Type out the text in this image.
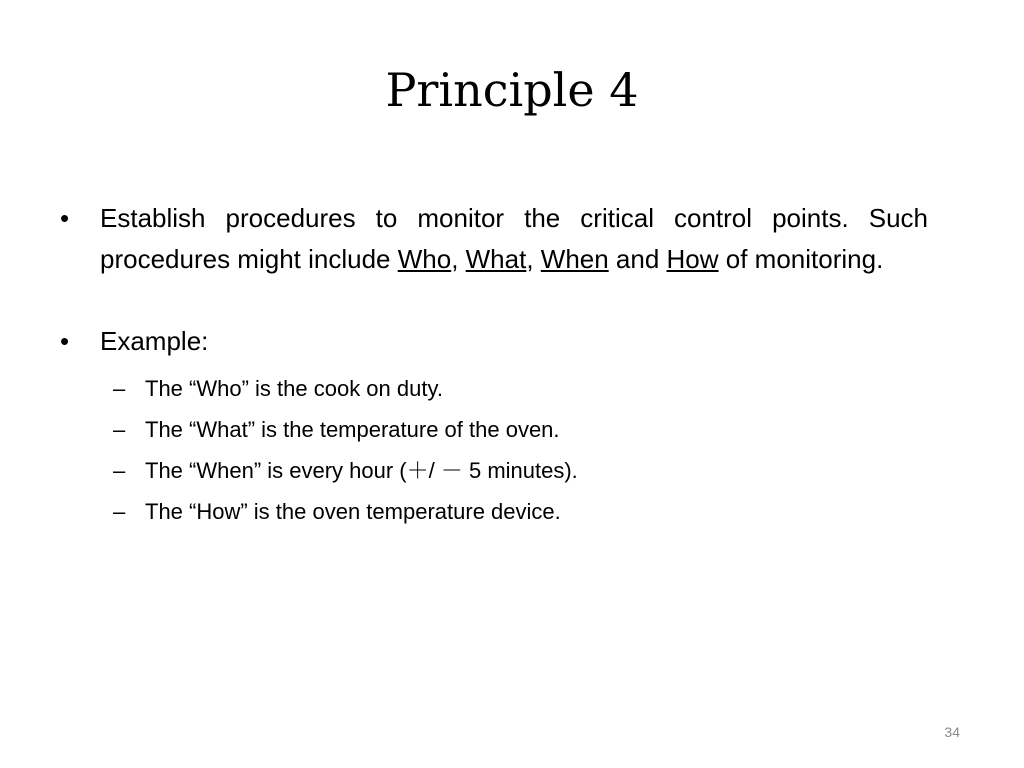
Principle 4
•	Establish procedures to monitor the critical control points. Such procedures might include Who, What, When and How of monitoring.
•	Example:
– The “Who” is the cook on duty.
– The “What” is the temperature of the oven.
– The “When” is every hour (＋/ － 5 minutes).
– The “How” is the oven temperature device.
34
